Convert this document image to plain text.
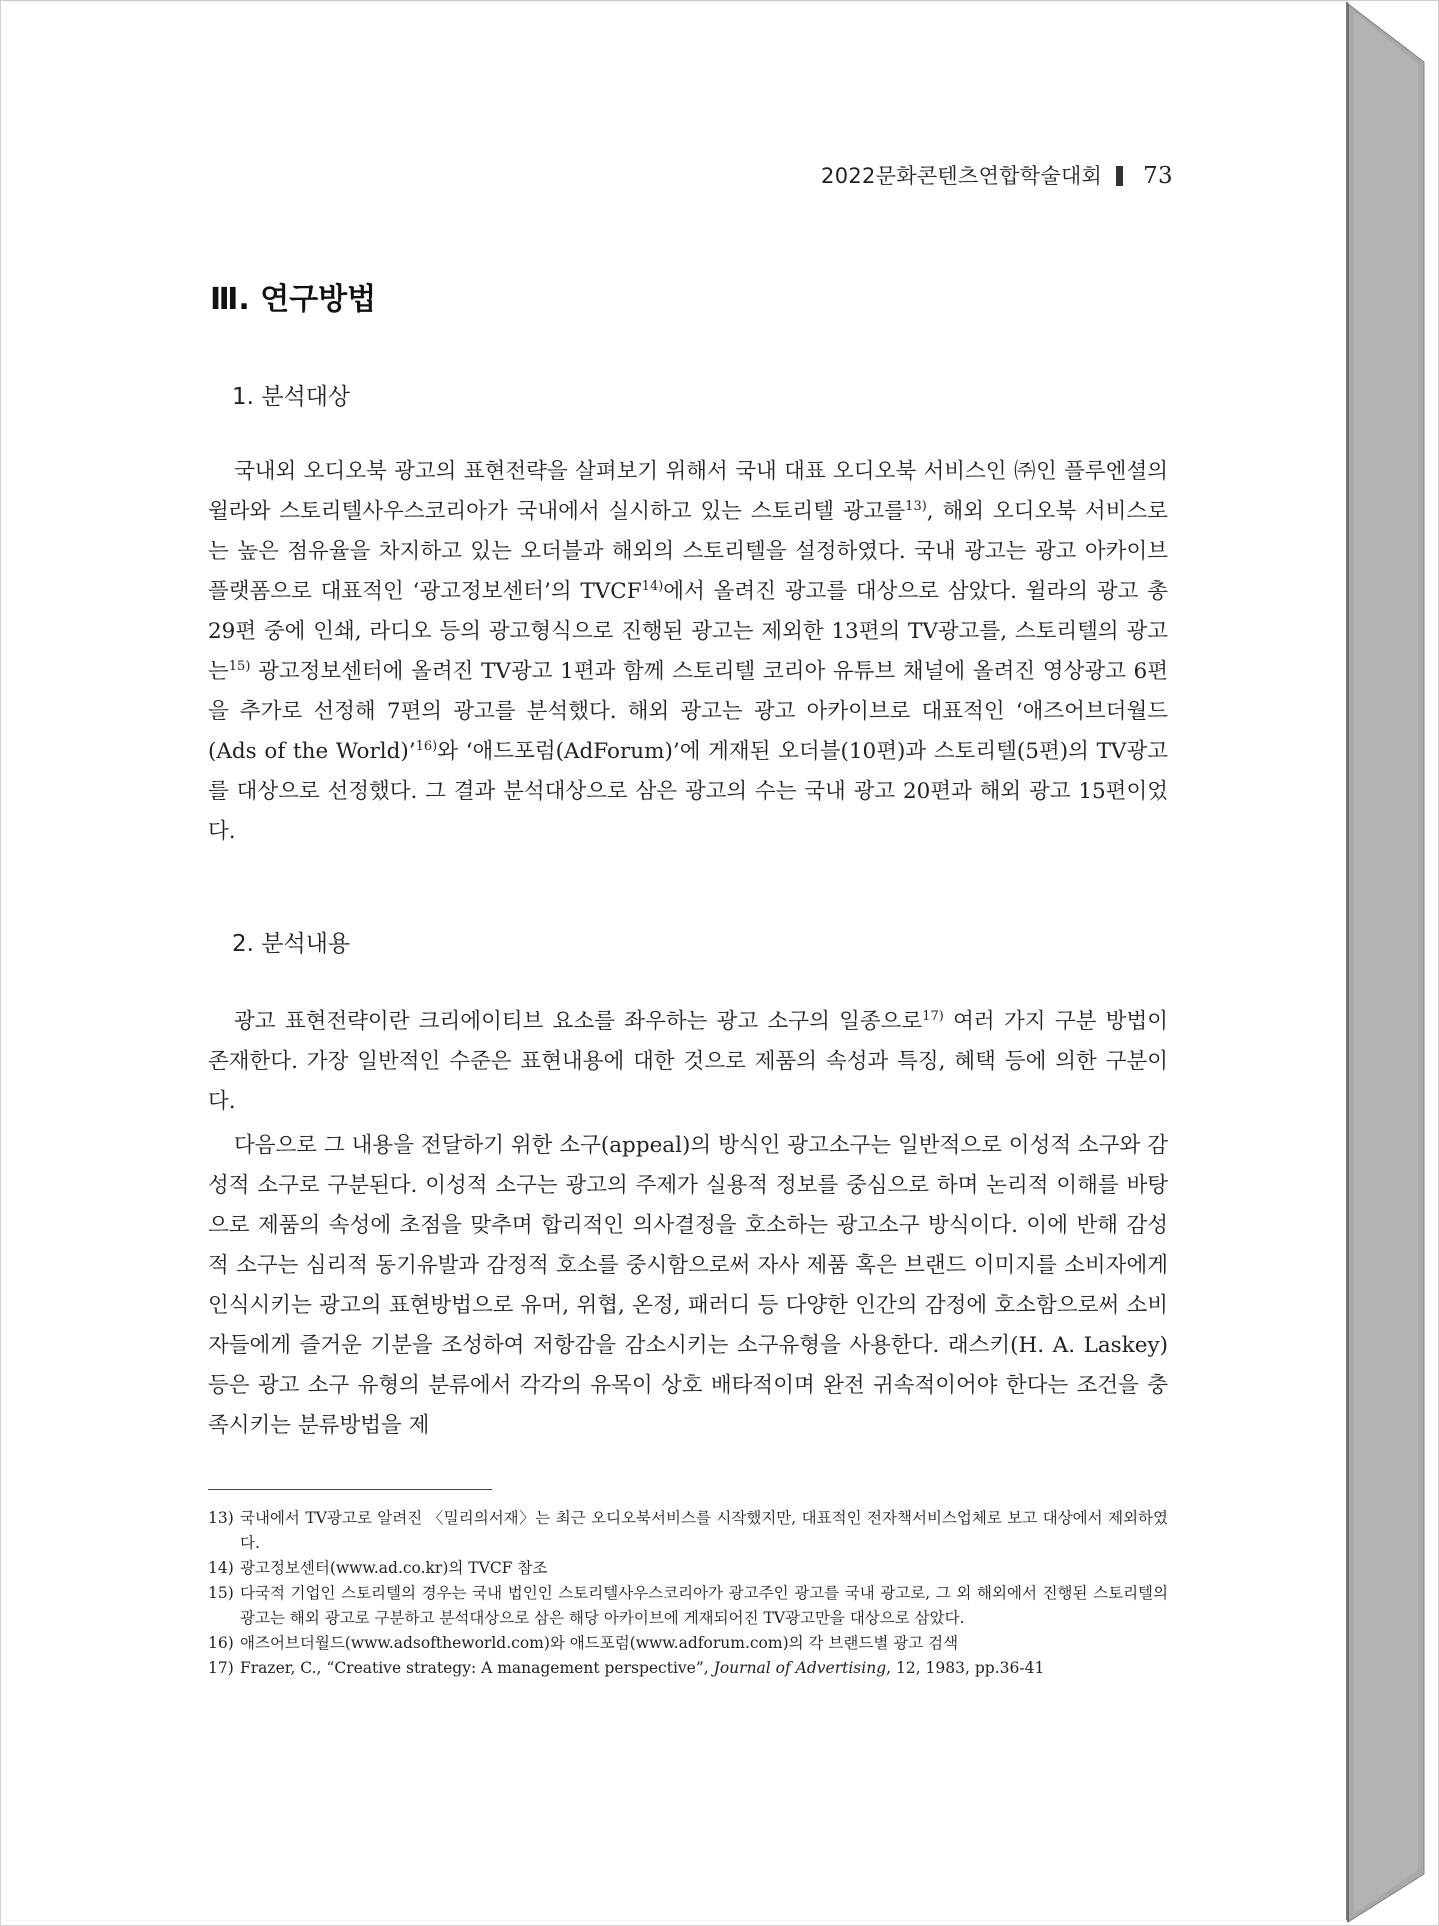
2022문화콘텐츠연합학술대회 73
Ⅲ. 연구방법
1. 분석대상

국내외 오디오북 광고의 표현전략을 살펴보기 위해서 국내 대표 오디오북 서비스인 ㈜인 플루엔셜의 윌라와 스토리텔사우스코리아가 국내에서 실시하고 있는 스토리텔 광고를$^{13)}$, 해외 오디오북 서비스로는 높은 점유율을 차지하고 있는 오더블과 해외의 스토리텔을 설정하였다. 국내 광고는 광고 아카이브 플랫폼으로 대표적인 ‘광고정보센터’의 TVCF$^{14)}$에서 올려진 광고를 대상으로 삼았다. 윌라의 광고 총 29편 중에 인쇄, 라디오 등의 광고형식으로 진행된 광고는 제외한 13편의 TV광고를, 스토리텔의 광고는$^{15)}$ 광고정보센터에 올려진 TV광고 1편과 함께 스토리텔 코리아 유튜브 채널에 올려진 영상광고 6편을 추가로 선정해 7편의 광고를 분석했다. 해외 광고는 광고 아카이브로 대표적인 ‘애즈어브더월드(Ads of the World)’$^{16)}$와 ‘애드포럼(AdForum)’에 게재된 오더블(10편)과 스토리텔(5편)의 TV광고를 대상으로 선정했다. 그 결과 분석대상으로 삼은 광고의 수는 국내 광고 20편과 해외 광고 15편이었다.

2. 분석내용

광고 표현전략이란 크리에이티브 요소를 좌우하는 광고 소구의 일종으로$^{17)}$ 여러 가지 구분 방법이 존재한다. 가장 일반적인 수준은 표현내용에 대한 것으로 제품의 속성과 특징, 혜택 등에 의한 구분이다.

다음으로 그 내용을 전달하기 위한 소구(appeal)의 방식인 광고소구는 일반적으로 이성적 소구와 감성적 소구로 구분된다. 이성적 소구는 광고의 주제가 실용적 정보를 중심으로 하며 논리적 이해를 바탕으로 제품의 속성에 초점을 맞추며 합리적인 의사결정을 호소하는 광고소구 방식이다. 이에 반해 감성적 소구는 심리적 동기유발과 감정적 호소를 중시함으로써 자사 제품 혹은 브랜드 이미지를 소비자에게 인식시키는 광고의 표현방법으로 유머, 위협, 온정, 패러디 등 다양한 인간의 감정에 호소함으로써 소비자들에게 즐거운 기분을 조성하여 저항감을 감소시키는 소구유형을 사용한다. 래스키(H. A. Laskey) 등은 광고 소구 유형의 분류에서 각각의 유목이 상호 배타적이며 완전 귀속적이어야 한다는 조건을 충족시키는 분류방법을 제

13) 국내에서 TV광고로 알려진 〈밀리의서재〉는 최근 오디오북서비스를 시작했지만, 대표적인 전자책서비스업체로 보고 대상에서 제외하였다.

14) 광고정보센터(www.ad.co.kr)의 TVCF 참조

15) 다국적 기업인 스토리텔의 경우는 국내 법인인 스토리텔사우스코리아가 광고주인 광고를 국내 광고로, 그 외 해외에서 진행된 스토리텔의 광고는 해외 광고로 구분하고 분석대상으로 삼은 해당 아카이브에 게재되어진 TV광고만을 대상으로 삼았다.

16) 애즈어브더월드(www.adsoftheworld.com)와 애드포럼(www.adforum.com)의 각 브랜드별 광고 검색

17) Frazer, C., “Creative strategy: A management perspective”, Journal of Advertising, 12, 1983, pp.36-41
